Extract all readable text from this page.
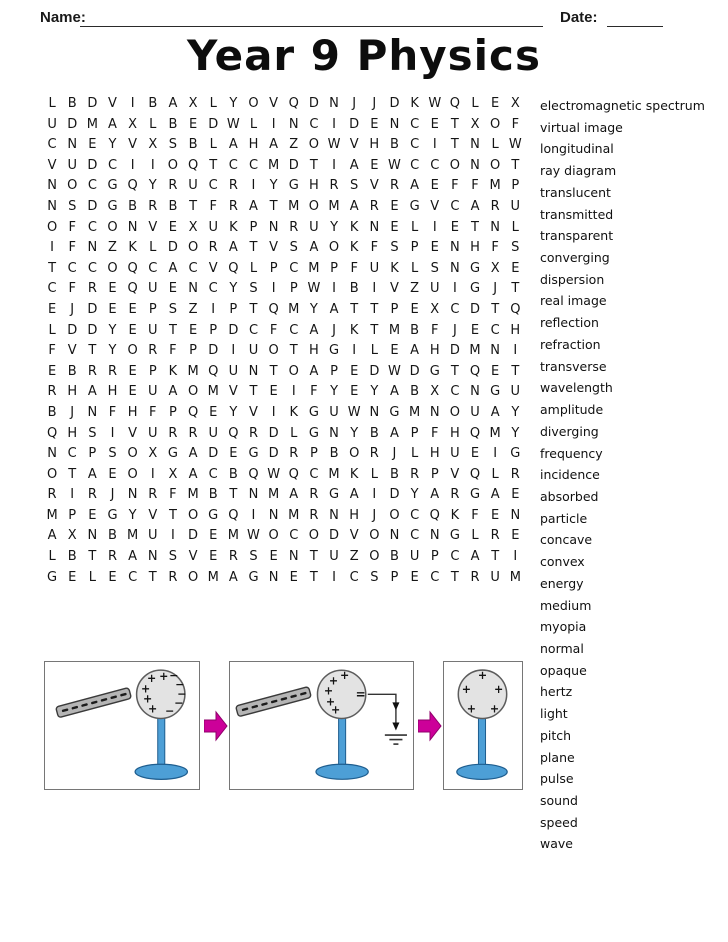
Name:	Date:
Year 9 Physics
L B D V	I	B A X L Y O V Q D N	J	J	D K W Q L E X
U D M A X L B E D W L	I	N C	I	D E N C E T X O F
C N E Y V X S B L A H A Z O W V H B C	I	T N L W
V U D C	I	I	O Q T C C M D T	I	A E W C C O N O T
N O C G Q Y R U C R	I	Y G H R S V R A E F F M P
N S D G B R B T F R A T M O M A R E G V C A R U
O F C O N V E X U K P N R U Y K N E L	I	E T N L
I	F N Z K L D O R A T V S A O K F S P E N H F S
T C C O Q C A C V Q L P C M P F U K L S N G X E
C F R E Q U E N C Y S	I	P W I	B	I	V Z U	I	G	J	T
E	J	D E E P S Z	I	P T Q M Y A T T P E X C D T Q
L D D Y E U T E P D C F C A	J	K T M B F	J	E C H
F V T Y O R F P D	I	U O T H G	I	L E A H D M N	I
E B R R E P K M Q U N T O A P E D W D G T Q E T
R H A H E U A O M V T E	I	F Y E Y A B X C N G U
B	J	N F H F P Q E Y V	I	K G U W N G M N O U A Y
Q H S	I	V U R R U Q R D L G N Y B A P F H Q M Y
N C P S O X G A D E G D R P B O R	J	L H U E	I	G
O T A E O	I	X A C B Q W Q C M K L B R P V Q L R
R	I	R	J	N R F M B T N M A R G A	I	D Y A R G A E
M P E G Y V T O G Q	I	N M R N H	J	O C Q K F E N
A X N B M U	I	D E M W O C O D V O N C N G L R E
L B T R A N S V E R S E N T U Z O B U P C A T	I
G E L E C T R O M A G N E T	I	C S P E C T R U M
electromagnetic spectrum
virtual image
longitudinal
ray diagram
translucent
transmitted
transparent
converging
dispersion
real image
reflection
refraction
transverse
wavelength
amplitude
diverging
frequency
incidence
absorbed
particle
concave
convex
energy
medium
myopia
normal
opaque
hertz
light
pitch
plane
pulse
sound
speed
wave
+
+
+
+
+
−
−
−
−
−
+
+
+
+
+
=
+
+ +
+ +
